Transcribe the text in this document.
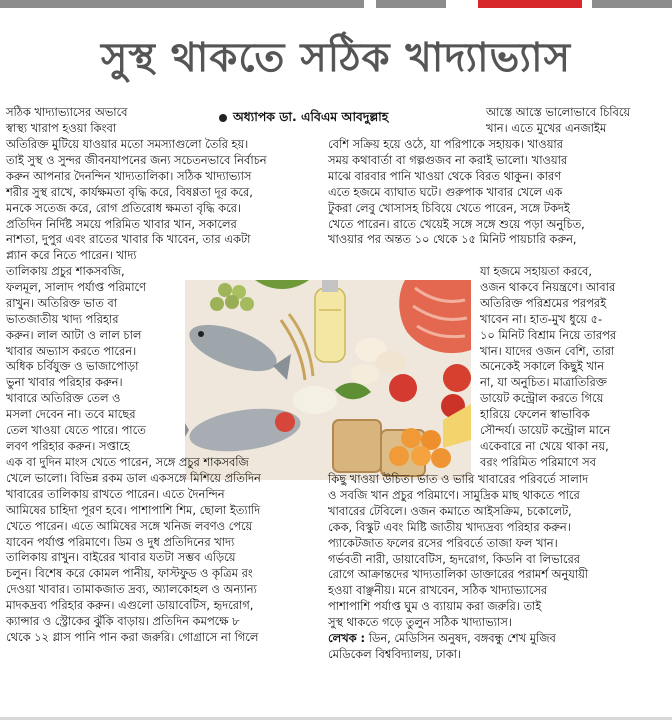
সুস্থ থাকতে সঠিক খাদ্যাভ্যাস
অধ্যাপক ডা. এবিএম আবদুল্লাহ

সঠিক খাদ্যাভ্যাসের অভাবে

স্বাস্থ্য খারাপ হওয়া কিংবা

আস্তে আস্তে ভালোভাবে চিবিয়ে

খান। এতে মুখের এনজাইম

অতিরিক্ত মুটিয়ে যাওয়ার মতো সমস্যাগুলো তৈরি হয়।

তাই সুস্থ ও সুন্দর জীবনযাপনের জন্য সচেতনভাবে নির্বাচন

করুন আপনার দৈনন্দিন খাদ্যতালিকা। সঠিক খাদ্যাভ্যাস

শরীর সুস্থ রাখে, কার্যক্ষমতা বৃদ্ধি করে, বিষণ্ণতা দূর করে,

মনকে সতেজ করে, রোগ প্রতিরোধ ক্ষমতা বৃদ্ধি করে।

প্রতিদিন নির্দিষ্ট সময়ে পরিমিত খাবার খান, সকালের

নাশতা, দুপুর এবং রাতের খাবার কি খাবেন, তার একটা

প্ল্যান করে নিতে পারেন। খাদ্য

বেশি সক্রিয় হয়ে ওঠে, যা পরিপাকে সহায়ক। খাওয়ার

সময় কথাবার্তা বা গল্পগুজব না করাই ভালো। খাওয়ার

মাঝে বারবার পানি খাওয়া থেকে বিরত থাকুন। কারণ

এতে হজমে ব্যাঘাত ঘটে। গুরুপাক খাবার খেলে এক

টুকরা লেবু খোসাসহ চিবিয়ে খেতে পারেন, সঙ্গে টকদই

খেতে পারেন। রাতে খেয়েই সঙ্গে সঙ্গে শুয়ে পড়া অনুচিত,

খাওয়ার পর অন্তত ১০ থেকে ১৫ মিনিট পায়চারি করুন,

তালিকায় প্রচুর শাকসবজি,

ফলমূল, সালাদ পর্যাপ্ত পরিমাণে

রাখুন। অতিরিক্ত ভাত বা

ভাতজাতীয় খাদ্য পরিহার

করুন। লাল আটা ও লাল চাল

খাবার অভ্যাস করতে পারেন।

অধিক চর্বিযুক্ত ও ভাজাপোড়া

ভুনা খাবার পরিহার করুন।

খাবারে অতিরিক্ত তেল ও

মসলা দেবেন না। তবে মাছের

তেল খাওয়া যেতে পারে। পাতে

লবণ পরিহার করুন। সপ্তাহে

যা হজমে সহায়তা করবে,

ওজন থাকবে নিয়ন্ত্রণে। আবার

অতিরিক্ত পরিশ্রমের পরপরই

খাবেন না। হাত-মুখ ধুয়ে ৫-

১০ মিনিট বিশ্রাম নিয়ে তারপর

খান। যাদের ওজন বেশি, তারা

অনেকেই সকালে কিছুই খান

না, যা অনুচিত। মাত্রাতিরিক্ত

ডায়েট কন্ট্রোল করতে গিয়ে

হারিয়ে ফেলেন স্বাভাবিক

সৌন্দর্য। ডায়েট কন্ট্রোল মানে

একেবারে না খেয়ে থাকা নয়,

বরং পরিমিত পরিমাণে সব

এক বা দুদিন মাংস খেতে পারেন, সঙ্গে প্রচুর শাকসবজি

খেলে ভালো। বিভিন্ন রকম ডাল একসঙ্গে মিশিয়ে প্রতিদিন

খাবারের তালিকায় রাখতে পারেন। এতে দৈনন্দিন

আমিষের চাহিদা পূরণ হবে। পাশাপাশি শিম, ছোলা ইত্যাদি

খেতে পারেন। এতে আমিষের সঙ্গে খনিজ লবণও পেয়ে

যাবেন পর্যাপ্ত পরিমাণে। ডিম ও দুধ প্রতিদিনের খাদ্য

তালিকায় রাখুন। বাইরের খাবার যতটা সম্ভব এড়িয়ে

চলুন। বিশেষ করে কোমল পানীয়, ফাস্টফুড ও কৃত্রিম রং

দেওয়া খাবার। তামাকজাত দ্রব্য, অ্যালকোহল ও অন্যান্য

মাদকদ্রব্য পরিহার করুন। এগুলো ডায়াবেটিস, হৃদরোগ,

ক্যান্সার ও স্ট্রোকের ঝুঁকি বাড়ায়। প্রতিদিন কমপক্ষে ৮

থেকে ১২ গ্লাস পানি পান করা জরুরি। গোগ্রাসে না গিলে

কিছু খাওয়া উচিত। ভাত ও ভারি খাবারের পরিবর্তে সালাদ

ও সবজি খান প্রচুর পরিমাণে। সামুদ্রিক মাছ থাকতে পারে

খাবারের টেবিলে। ওজন কমাতে আইসক্রিম, চকোলেট,

কেক, বিস্কুট এবং মিষ্টি জাতীয় খাদ্যদ্রব্য পরিহার করুন।

প্যাকেটজাত ফলের রসের পরিবর্তে তাজা ফল খান।

গর্ভবতী নারী, ডায়াবেটিস, হৃদরোগ, কিডনি বা লিভারের

রোগে আক্রান্তদের খাদ্যতালিকা ডাক্তারের পরামর্শ অনুযায়ী

হওয়া বাঞ্ছনীয়। মনে রাখবেন, সঠিক খাদ্যাভ্যাসের

পাশাপাশি পর্যাপ্ত ঘুম ও ব্যায়াম করা জরুরি। তাই

সুস্থ থাকতে গড়ে তুলুন সঠিক খাদ্যাভ্যাস।

লেখক : ডিন, মেডিসিন অনুষদ, বঙ্গবন্ধু শেখ মুজিব

মেডিকেল বিশ্ববিদ্যালয়, ঢাকা।
